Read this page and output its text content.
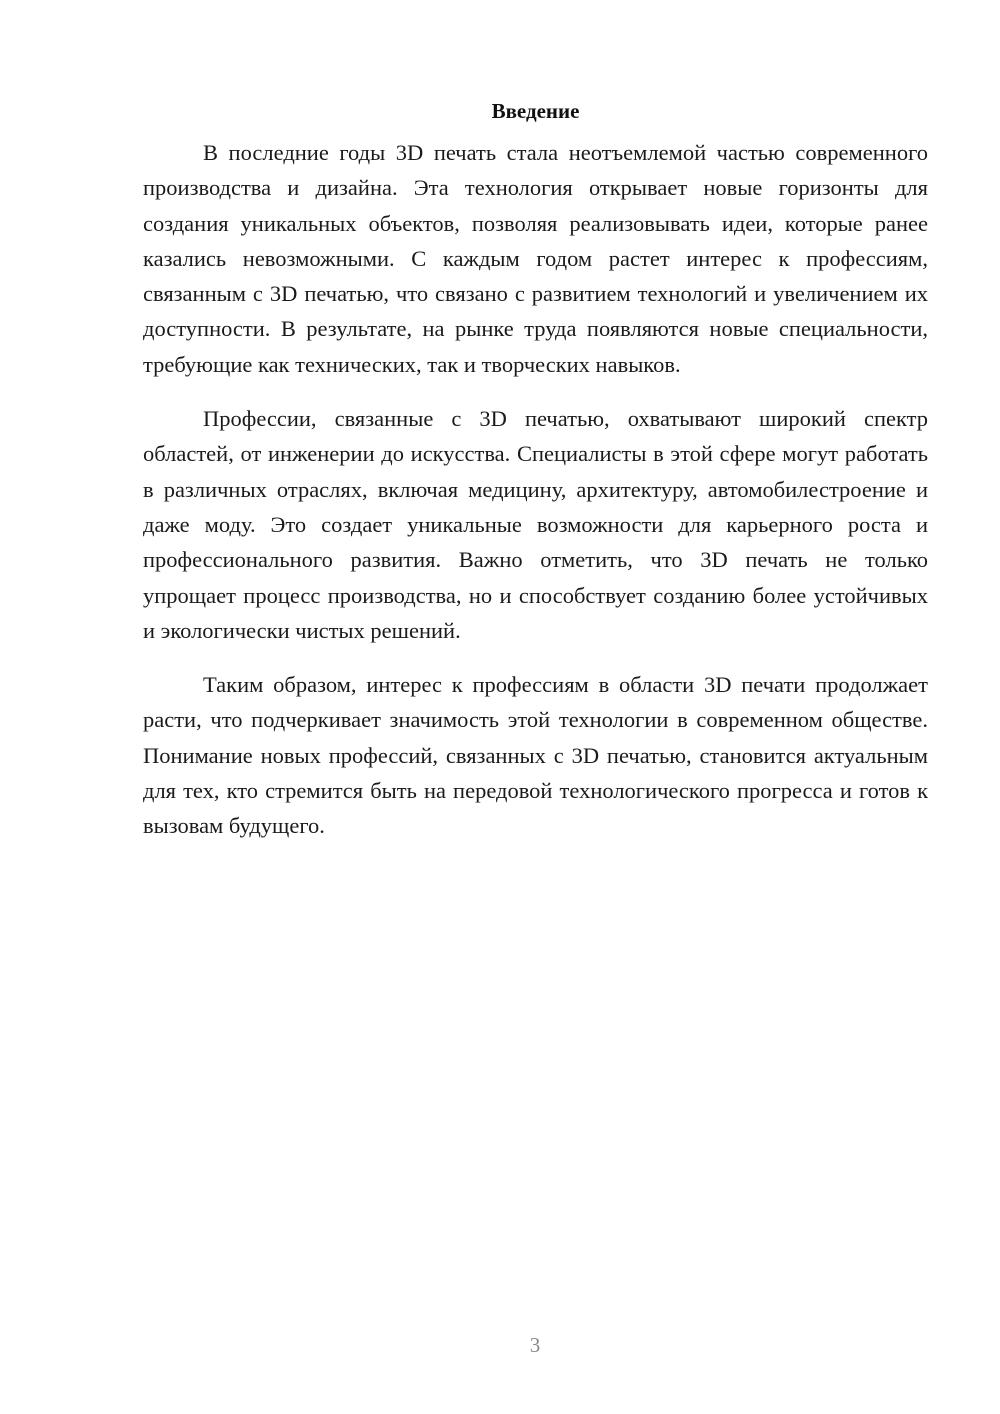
Введение

В последние годы 3D печать стала неотъемлемой частью современного производства и дизайна. Эта технология открывает новые горизонты для создания уникальных объектов, позволяя реализовывать идеи, которые ранее казались невозможными. С каждым годом растет интерес к профессиям, связанным с 3D печатью, что связано с развитием технологий и увеличением их доступности. В результате, на рынке труда появляются новые специальности, требующие как технических, так и творческих навыков.

Профессии, связанные с 3D печатью, охватывают широкий спектр областей, от инженерии до искусства. Специалисты в этой сфере могут работать в различных отраслях, включая медицину, архитектуру, автомобилестроение и даже моду. Это создает уникальные возможности для карьерного роста и профессионального развития. Важно отметить, что 3D печать не только упрощает процесс производства, но и способствует созданию более устойчивых и экологически чистых решений.

Таким образом, интерес к профессиям в области 3D печати продолжает расти, что подчеркивает значимость этой технологии в современном обществе. Понимание новых профессий, связанных с 3D печатью, становится актуальным для тех, кто стремится быть на передовой технологического прогресса и готов к вызовам будущего.

3
